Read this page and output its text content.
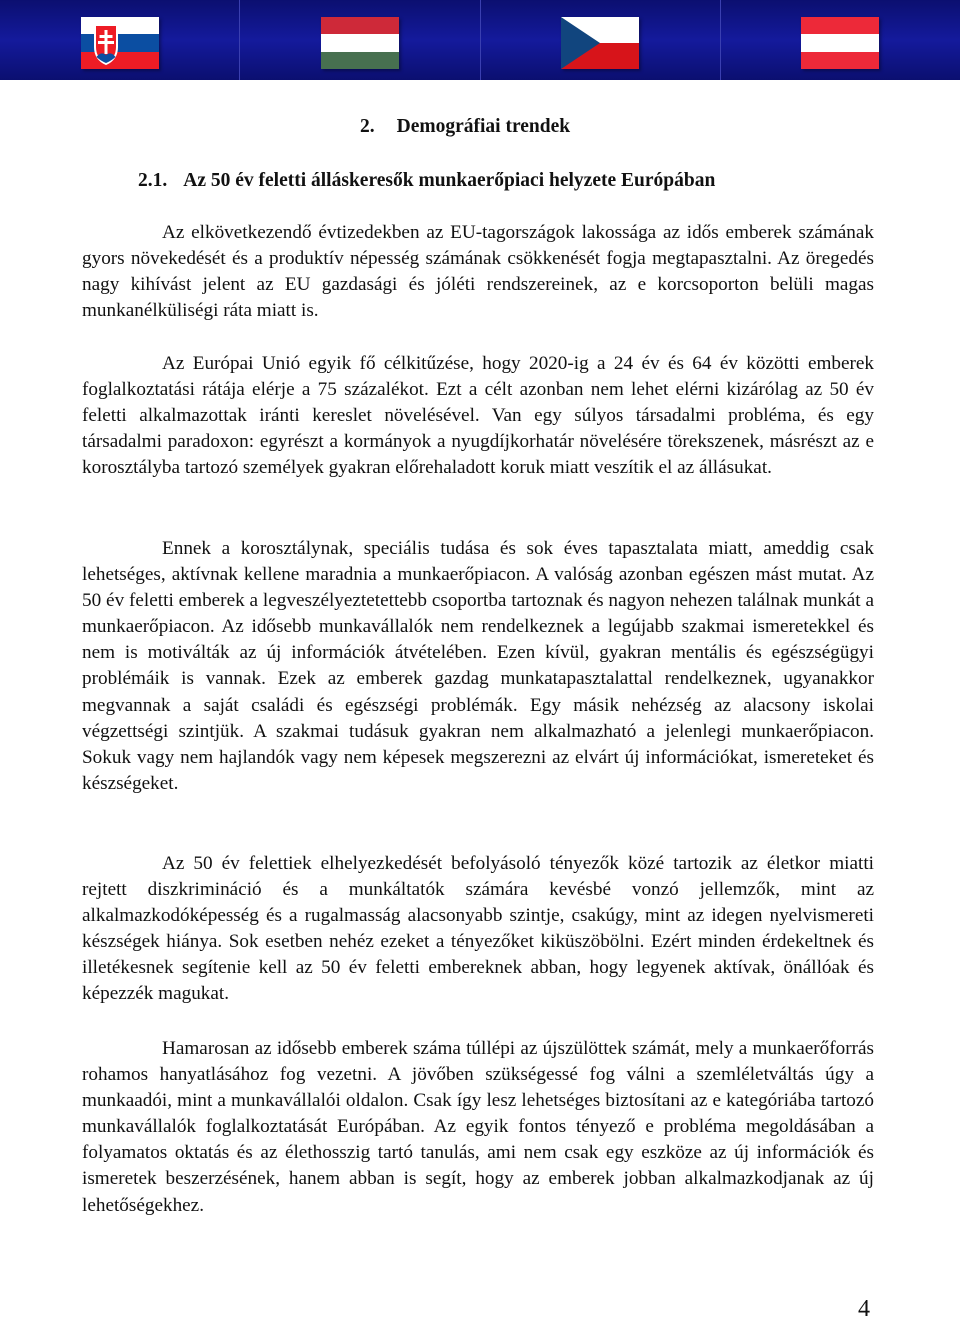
2. Demográfiai trendek
2.1. Az 50 év feletti álláskeresők munkaerőpiaci helyzete Európában

Az elkövetkezendő évtizedekben az EU-tagországok lakossága az idős emberek számának gyors növekedését és a produktív népesség számának csökkenését fogja megtapasztalni. Az öregedés nagy kihívást jelent az EU gazdasági és jóléti rendszereinek, az e korcsoporton belüli magas munkanélküliségi ráta miatt is.

Az Európai Unió egyik fő célkitűzése, hogy 2020-ig a 24 év és 64 év közötti emberek foglalkoztatási rátája elérje a 75 százalékot. Ezt a célt azonban nem lehet elérni kizárólag az 50 év feletti alkalmazottak iránti kereslet növelésével. Van egy súlyos társadalmi probléma, és egy társadalmi paradoxon: egyrészt a kormányok a nyugdíjkorhatár növelésére törekszenek, másrészt az e korosztályba tartozó személyek gyakran előrehaladott koruk miatt veszítik el az állásukat.

Ennek a korosztálynak, speciális tudása és sok éves tapasztalata miatt, ameddig csak lehetséges, aktívnak kellene maradnia a munkaerőpiacon. A valóság azonban egészen mást mutat. Az 50 év feletti emberek a legveszélyeztetettebb csoportba tartoznak és nagyon nehezen találnak munkát a munkaerőpiacon. Az idősebb munkavállalók nem rendelkeznek a legújabb szakmai ismeretekkel és nem is motiválták az új információk átvételében. Ezen kívül, gyakran mentális és egészségügyi problémáik is vannak. Ezek az emberek gazdag munkatapasztalattal rendelkeznek, ugyanakkor megvannak a saját családi és egészségi problémák. Egy másik nehézség az alacsony iskolai végzettségi szintjük. A szakmai tudásuk gyakran nem alkalmazható a jelenlegi munkaerőpiacon. Sokuk vagy nem hajlandók vagy nem képesek megszerezni az elvárt új információkat, ismereteket és készségeket.

Az 50 év felettiek elhelyezkedését befolyásoló tényezők közé tartozik az életkor miatti rejtett diszkrimináció és a munkáltatók számára kevésbé vonzó jellemzők, mint az alkalmazkodóképesség és a rugalmasság alacsonyabb szintje, csakúgy, mint az idegen nyelvismereti készségek hiánya. Sok esetben nehéz ezeket a tényezőket kiküszöbölni. Ezért minden érdekeltnek és illetékesnek segítenie kell az 50 év feletti embereknek abban, hogy legyenek aktívak, önállóak és képezzék magukat.

Hamarosan az idősebb emberek száma túllépi az újszülöttek számát, mely a munkaerőforrás rohamos hanyatlásához fog vezetni. A jövőben szükségessé fog válni a szemléletváltás úgy a munkaadói, mint a munkavállalói oldalon. Csak így lesz lehetséges biztosítani az e kategóriába tartozó munkavállalók foglalkoztatását Európában. Az egyik fontos tényező e probléma megoldásában a folyamatos oktatás és az élethosszig tartó tanulás, ami nem csak egy eszköze az új információk és ismeretek beszerzésének, hanem abban is segít, hogy az emberek jobban alkalmazkodjanak az új lehetőségekhez.

4
